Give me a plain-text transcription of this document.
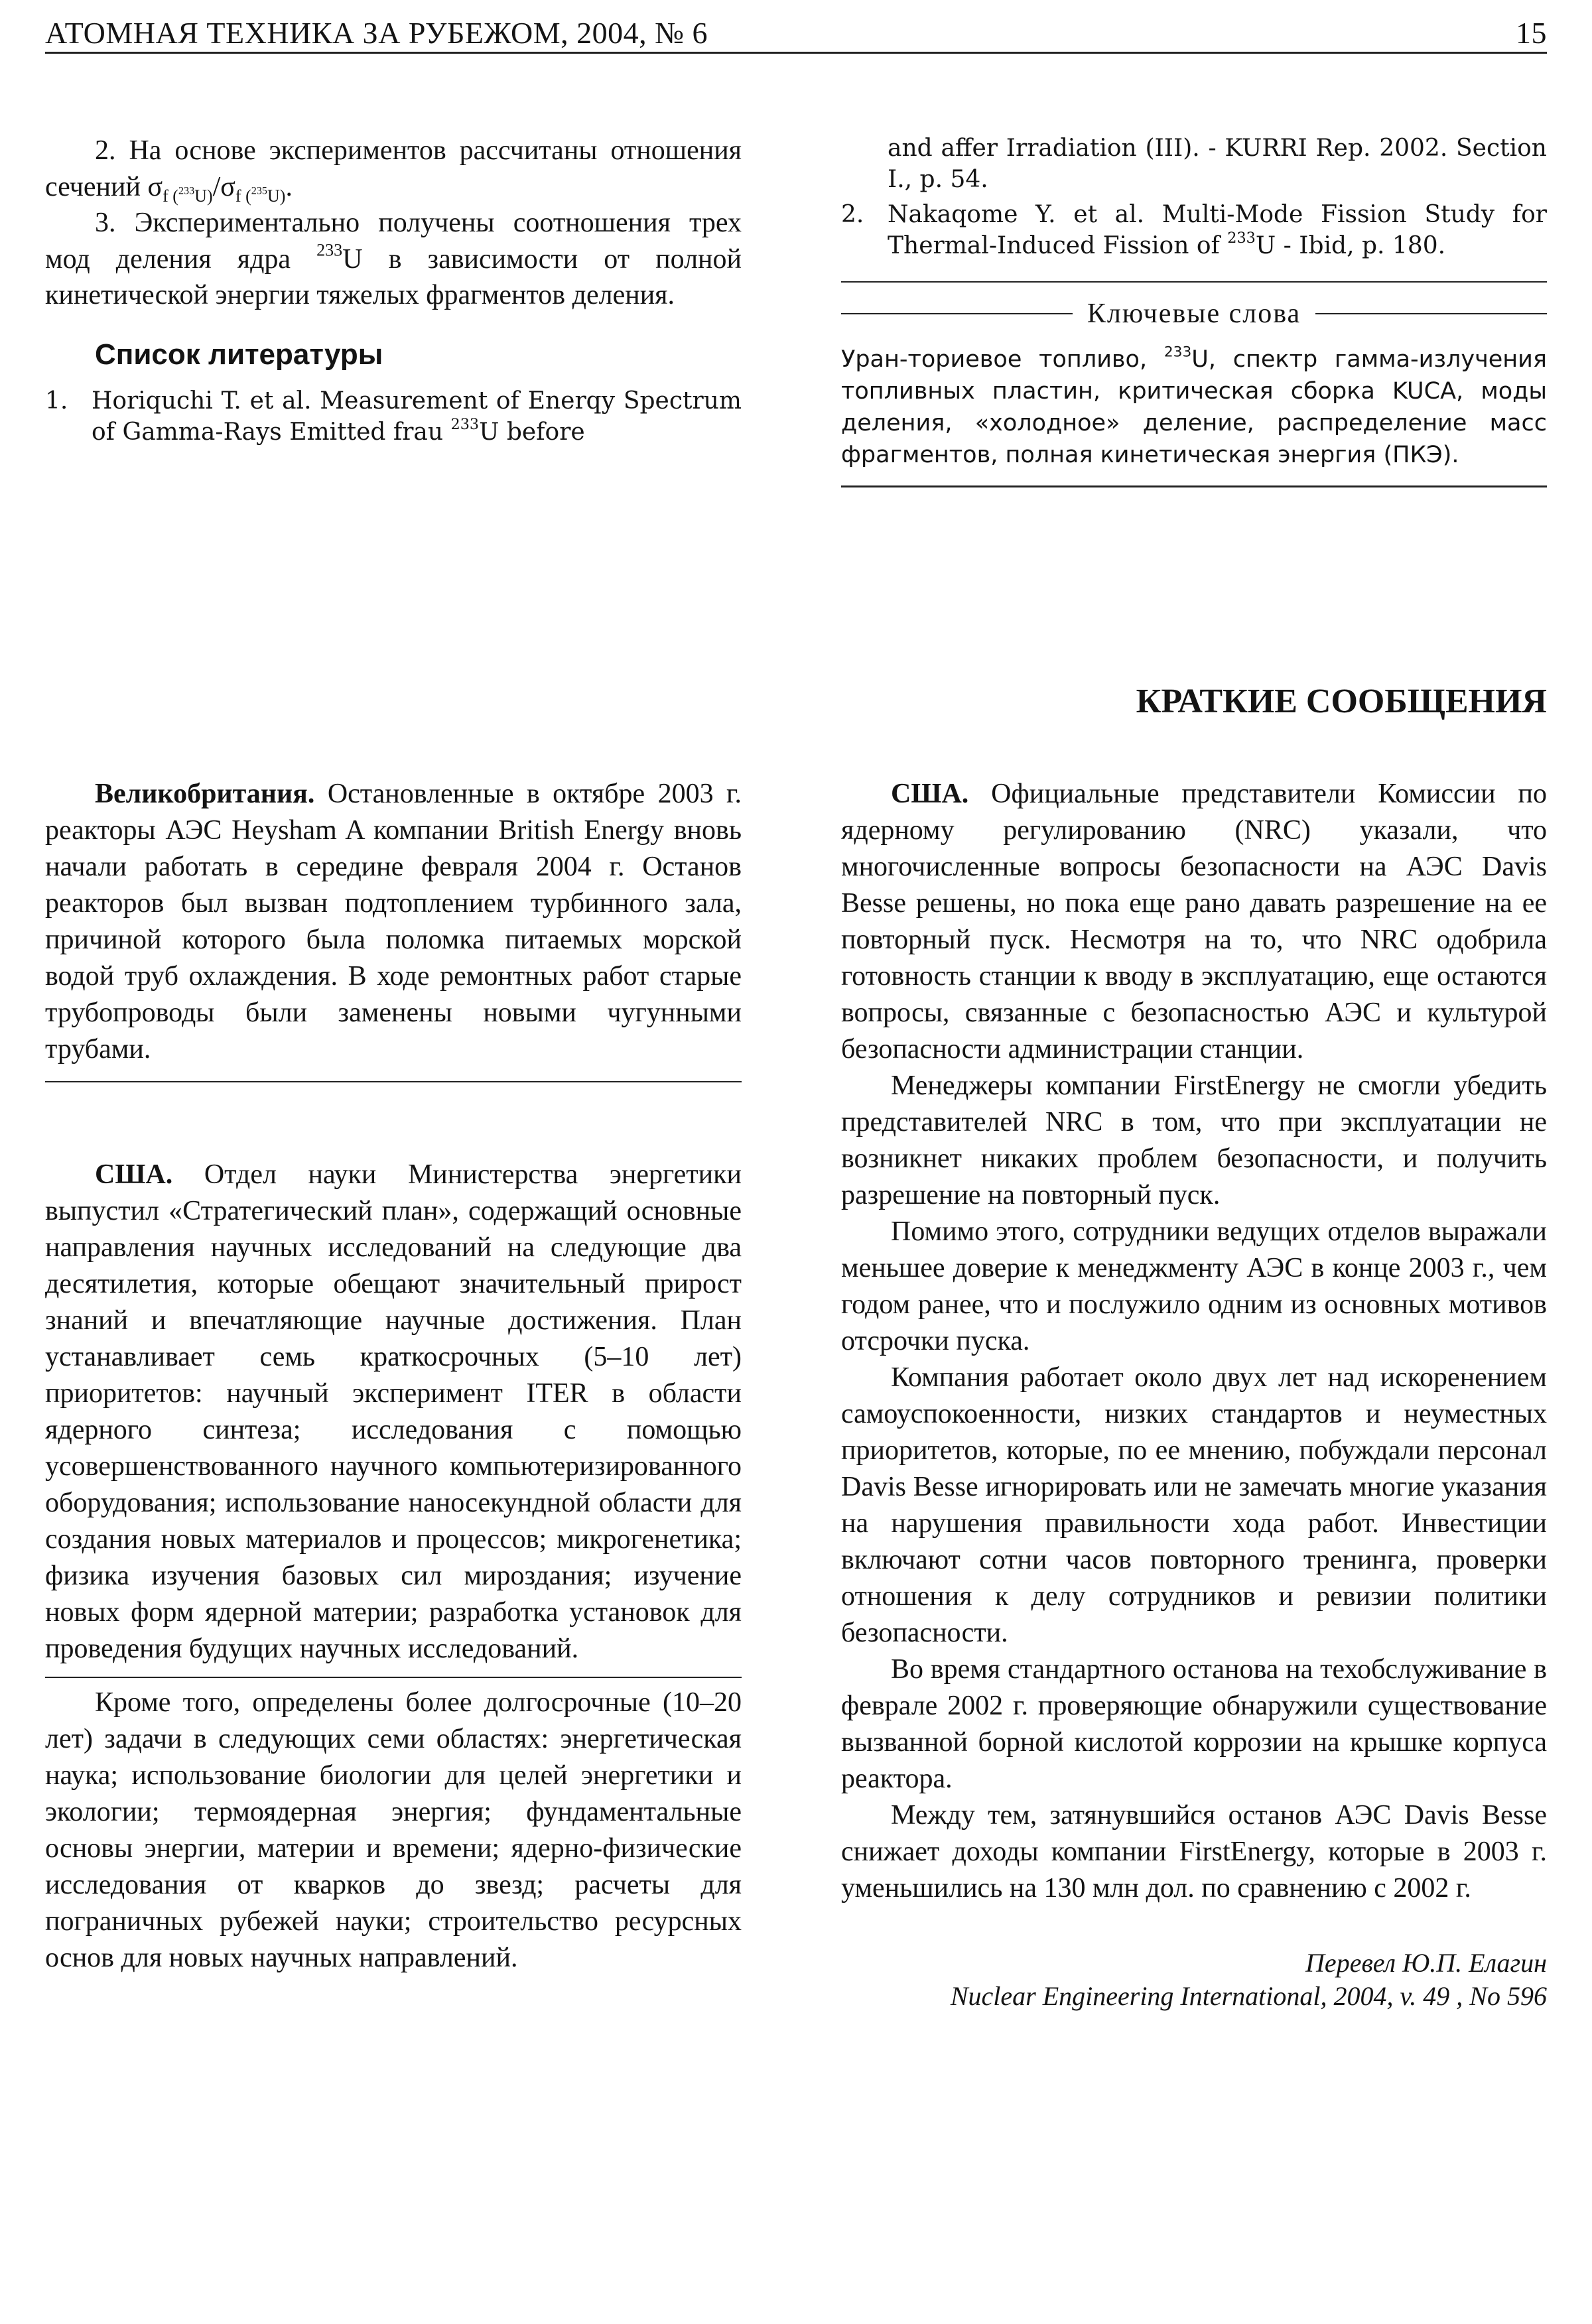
АТОМНАЯ ТЕХНИКА ЗА РУБЕЖОМ, 2004, № 6	15

2. На основе экспериментов рассчитаны отношения сечений $\sigma_{f (^{233}U)}/\sigma_{f (^{235}U)}$.

3. Экспериментально получены соотношения трех мод деления ядра $^{233}$U в зависимости от полной кинетической энергии тяжелых фрагментов деления.

Список литературы
1. Horiquchi T. et al. Measurement of Enerqy Spectrum of Gamma-Rays Emitted frau $^{233}$U before
and affer Irradiation (III). - KURRI Rep. 2002. Section I., p. 54.
2. Nakaqome Y. et al. Multi-Mode Fission Study for Thermal-Induced Fission of $^{233}$U - Ibid, p. 180.
Ключевые слова
Уран-ториевое топливо, $^{233}$U, спектр гамма-излучения топливных пластин, критическая сборка KUCA, моды деления, «холодное» деление, распределение масс фрагментов, полная кинетическая энергия (ПКЭ).
КРАТКИЕ СООБЩЕНИЯ

Великобритания. Остановленные в октябре 2003 г. реакторы АЭС Heysham A компании British Energy вновь начали работать в середине февраля 2004 г. Останов реакторов был вызван подтоплением турбинного зала, причиной которого была поломка питаемых морской водой труб охлаждения. В ходе ремонтных работ старые трубопроводы были заменены новыми чугунными трубами.

США. Отдел науки Министерства энергетики выпустил «Стратегический план», содержащий основные направления научных исследований на следующие два десятилетия, которые обещают значительный прирост знаний и впечатляющие научные достижения. План устанавливает семь краткосрочных (5–10 лет) приоритетов: научный эксперимент ITER в области ядерного синтеза; исследования с помощью усовершенствованного научного компьютеризированного оборудования; использование наносекундной области для создания новых материалов и процессов; микрогенетика; физика изучения базовых сил мироздания; изучение новых форм ядерной материи; разработка установок для проведения будущих научных исследований.

Кроме того, определены более долгосрочные (10–20 лет) задачи в следующих семи областях: энергетическая наука; использование биологии для целей энергетики и экологии; термоядерная энергия; фундаментальные основы энергии, материи и времени; ядерно-физические исследования от кварков до звезд; расчеты для пограничных рубежей науки; строительство ресурсных основ для новых научных направлений.

США. Официальные представители Комиссии по ядерному регулированию (NRC) указали, что многочисленные вопросы безопасности на АЭС Davis Besse решены, но пока еще рано давать разрешение на ее повторный пуск. Несмотря на то, что NRC одобрила готовность станции к вводу в эксплуатацию, еще остаются вопросы, связанные с безопасностью АЭС и культурой безопасности администрации станции.

Менеджеры компании FirstEnergy не смогли убедить представителей NRC в том, что при эксплуатации не возникнет никаких проблем безопасности, и получить разрешение на повторный пуск.

Помимо этого, сотрудники ведущих отделов выражали меньшее доверие к менеджменту АЭС в конце 2003 г., чем годом ранее, что и послужило одним из основных мотивов отсрочки пуска.

Компания работает около двух лет над искоренением самоуспокоенности, низких стандартов и неуместных приоритетов, которые, по ее мнению, побуждали персонал Davis Besse игнорировать или не замечать многие указания на нарушения правильности хода работ. Инвестиции включают сотни часов повторного тренинга, проверки отношения к делу сотрудников и ревизии политики безопасности.

Во время стандартного останова на техобслуживание в феврале 2002 г. проверяющие обнаружили существование вызванной борной кислотой коррозии на крышке корпуса реактора.

Между тем, затянувшийся останов АЭС Davis Besse снижает доходы компании FirstEnergy, которые в 2003 г. уменьшились на 130 млн дол. по сравнению с 2002 г.

Перевел Ю.П. Елагин
Nuclear Engineering International, 2004, v. 49 , No 596
